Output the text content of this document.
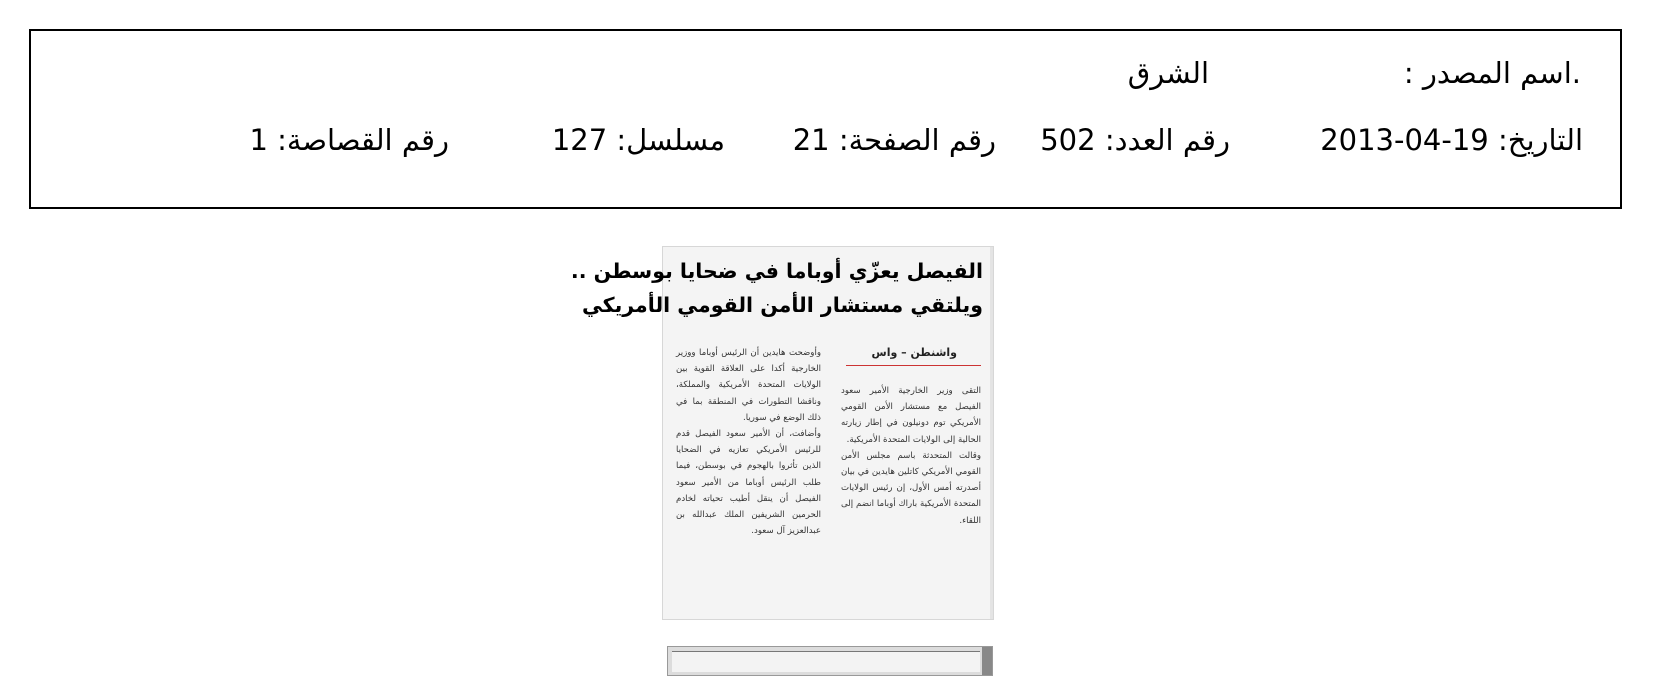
.اسم المصدر :
الشرق
التاريخ: 2013-04-19
رقم العدد: 502
رقم الصفحة: 21
مسلسل: 127
رقم القصاصة: 1
الفيصل يعزّي أوباما في ضحايا بوسطن ..
ويلتقي مستشار الأمن القومي الأمريكي
واشنطن – واس

التقى وزير الخارجية الأمير سعود الفيصل مع مستشار الأمن القومي الأمريكي توم دونيلون في إطار زيارته الحالية إلى الولايات المتحدة الأمريكية.

وقالت المتحدثة باسم مجلس الأمن القومي الأمريكي كاتلين هايدين في بيان أصدرته أمس الأول، إن رئيس الولايات المتحدة الأمريكية باراك أوباما انضم إلى اللقاء.

وأوضحت هايدين أن الرئيس أوباما ووزير الخارجية أكدا على العلاقة القوية بين الولايات المتحدة الأمريكية والمملكة، وناقشا التطورات في المنطقة بما في ذلك الوضع في سوريا.

وأضافت، أن الأمير سعود الفيصل قدم للرئيس الأمريكي تعازيه في الضحايا الذين تأثروا بالهجوم في بوسطن، فيما طلب الرئيس أوباما من الأمير سعود الفيصل أن ينقل أطيب تحياته لخادم الحرمين الشريفين الملك عبدالله بن عبدالعزيز آل سعود.
